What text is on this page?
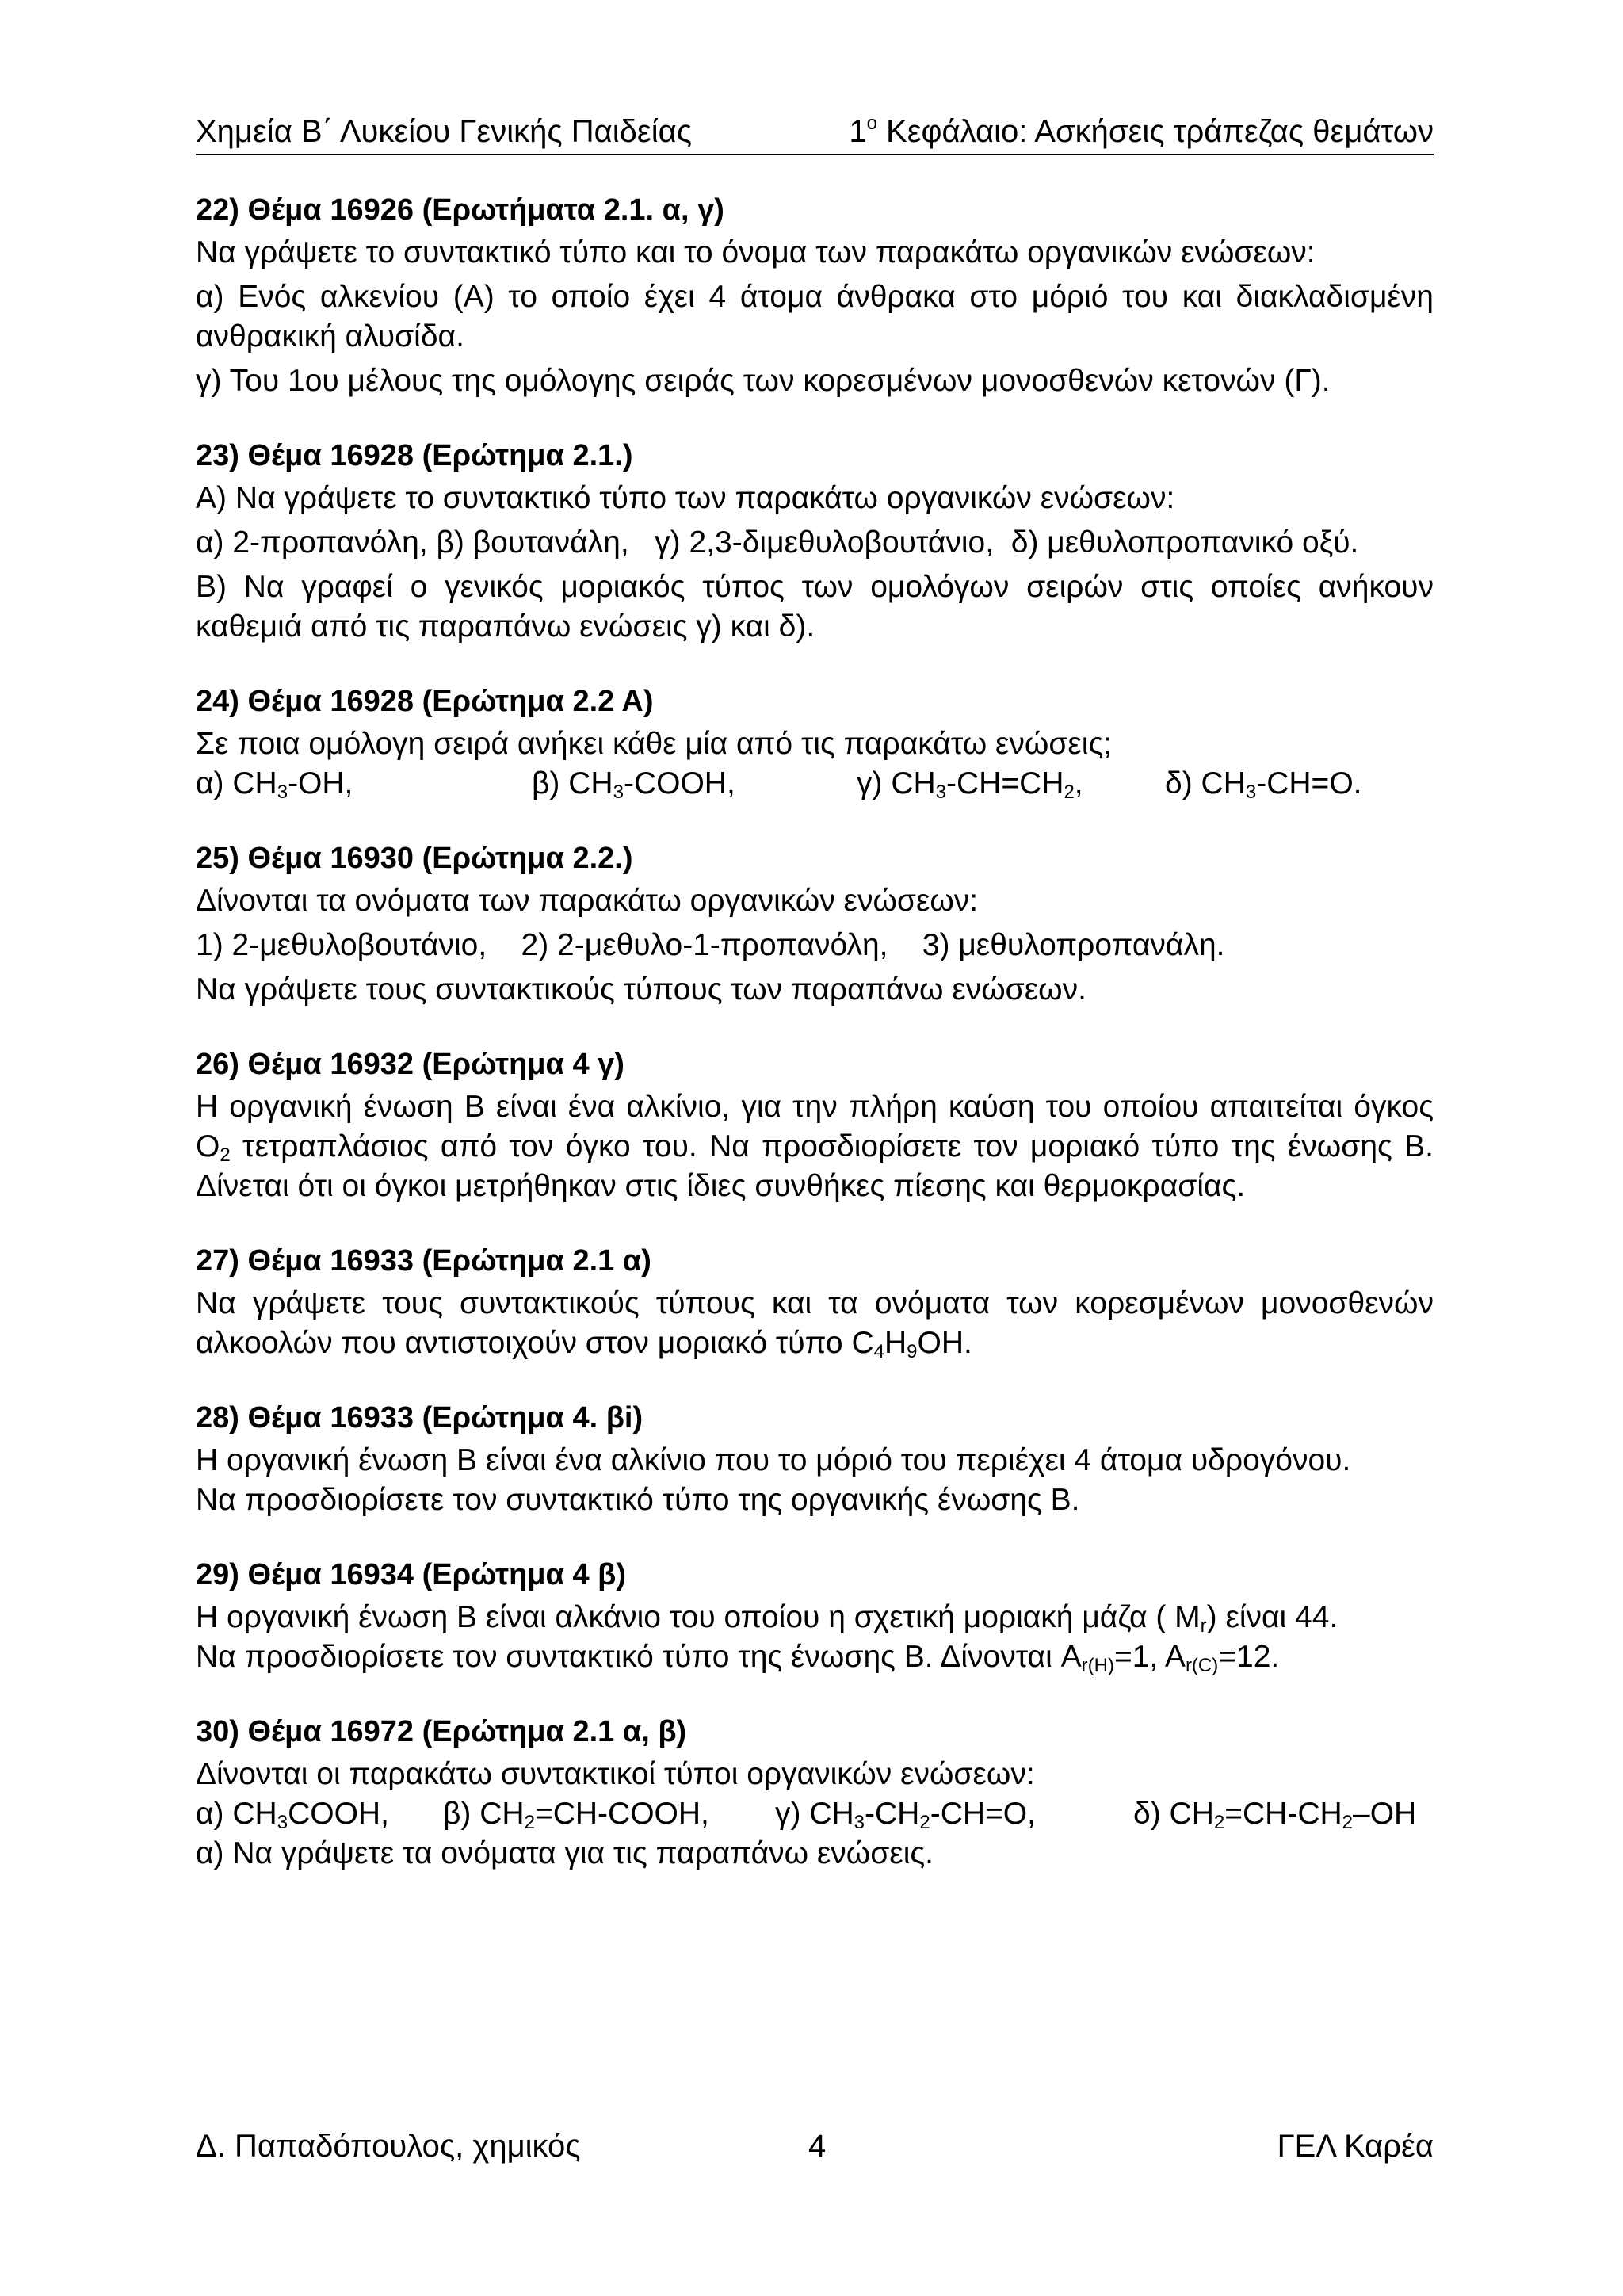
Χημεία Β΄ Λυκείου Γενικής Παιδείας	$1^o$ Κεφάλαιο: Ασκήσεις τράπεζας θεμάτων
22) Θέμα 16926 (Ερωτήματα 2.1. α, γ)

Να γράψετε το συντακτικό τύπο και το όνομα των παρακάτω οργανικών ενώσεων:

α) Ενός αλκενίου (Α) το οποίο έχει 4 άτομα άνθρακα στο μόριό του και διακλαδισμένη ανθρακική αλυσίδα.

γ) Του 1ου μέλους της ομόλογης σειράς των κορεσμένων μονοσθενών κετονών (Γ).

23) Θέμα 16928 (Ερώτημα 2.1.)

Α) Να γράψετε το συντακτικό τύπο των παρακάτω οργανικών ενώσεων:

α) 2-προπανόλη, β) βουτανάλη,   γ) 2,3-διμεθυλοβουτάνιο,  δ) μεθυλοπροπανικό οξύ.

Β) Να γραφεί ο γενικός μοριακός τύπος των ομολόγων σειρών στις οποίες ανήκουν καθεμιά από τις παραπάνω ενώσεις γ) και δ).

24) Θέμα 16928 (Ερώτημα 2.2 Α)

Σε ποια ομόλογη σειρά ανήκει κάθε μία από τις παρακάτω ενώσεις;

α) $CH_3-OH$,	β) $CH_3$-COOH,	γ) $CH_3-CH=CH_2$,	δ) $CH_3-CH=O$.
25) Θέμα 16930 (Ερώτημα 2.2.)

Δίνονται τα ονόματα των παρακάτω οργανικών ενώσεων:

1) 2-μεθυλοβουτάνιο,    2) 2-μεθυλο-1-προπανόλη,    3) μεθυλοπροπανάλη.

Να γράψετε τους συντακτικούς τύπους των παραπάνω ενώσεων.

26) Θέμα 16932 (Ερώτημα 4 γ)

Η οργανική ένωση Β είναι ένα αλκίνιο, για την πλήρη καύση του οποίου απαιτείται όγκος $O_2$ τετραπλάσιος από τον όγκο του. Να προσδιορίσετε τον μοριακό τύπο της ένωσης Β. Δίνεται ότι οι όγκοι μετρήθηκαν στις ίδιες συνθήκες πίεσης και θερμοκρασίας.

27) Θέμα 16933 (Ερώτημα 2.1 α)

Να γράψετε τους συντακτικούς τύπους και τα ονόματα των κορεσμένων μονοσθενών αλκοολών που αντιστοιχούν στον μοριακό τύπο $C_4H_9OH$.

28) Θέμα 16933 (Ερώτημα 4. βi)

Η οργανική ένωση Β είναι ένα αλκίνιο που το μόριό του περιέχει 4 άτομα υδρογόνου.

Να προσδιορίσετε τον συντακτικό τύπο της οργανικής ένωσης Β.

29) Θέμα 16934 (Ερώτημα 4 β)

Η οργανική ένωση Β είναι αλκάνιο του οποίου η σχετική μοριακή μάζα ( $M_r$) είναι 44.

Να προσδιορίσετε τον συντακτικό τύπο της ένωσης Β. Δίνονται $A_{r(H)}=1$, $A_{r(C)}=12$.

30) Θέμα 16972 (Ερώτημα 2.1 α, β)

Δίνονται οι παρακάτω συντακτικοί τύποι οργανικών ενώσεων:

α) $CH_3COOH$,	β) $CH_2=CH$-COOH,	γ) $CH_3-CH_2-CH=O$,	δ) $CH_2=CH-CH_2-OH$

α) Να γράψετε τα ονόματα για τις παραπάνω ενώσεις.

Δ. Παπαδόπουλος, χημικός	4	ΓΕΛ Καρέα
